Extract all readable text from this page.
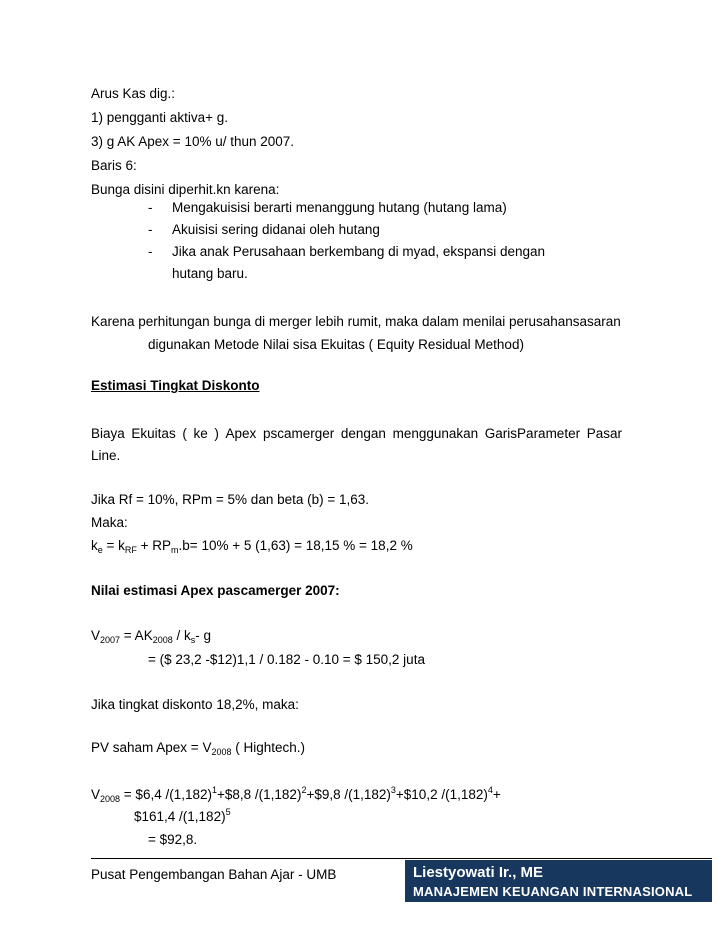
Arus Kas dig.:
1) pengganti aktiva+ g.
3) g AK Apex = 10% u/ thun 2007.
Baris 6:
Bunga disini diperhit.kn karena:
- Mengakuisisi berarti menanggung hutang (hutang lama)
- Akuisisi sering didanai oleh hutang
- Jika anak Perusahaan berkembang di myad, ekspansi dengan
hutang baru.
Karena perhitungan bunga di merger lebih rumit, maka dalam menilai perusahansasaran
digunakan Metode Nilai sisa Ekuitas ( Equity Residual Method)
Estimasi Tingkat Diskonto
Biaya Ekuitas ( ke ) Apex pscamerger dengan menggunakan GarisParameter Pasar
Line.
Jika Rf = 10%, RPm = 5% dan beta (b) = 1,63.
Maka:
$k_e = k_{RF} + RP_m.b= 10\% + 5$ (1,63) = 18,15 % = 18,2 %
Nilai estimasi Apex pascamerger 2007:
$V_{2007} = AK_{2008} / k_s-$ g
= ($ 23,2 -$12)1,1 / 0.182 - 0.10 = $ 150,2 juta
Jika tingkat diskonto 18,2%, maka:
PV saham Apex = $V_{2008}$ ( Hightech.)
$V_{2008}$ = $6,4 $/(1,182)^1+\$8,8$ $/(1,182)^2+\$9,8$ $/(1,182)^3+\$10,2$ $/(1,182)^4+$
$161,4 $/(1,182)^5$
= $92,8.
Pusat Pengembangan Bahan Ajar - UMB	Liestyowati Ir., ME
MANAJEMEN KEUANGAN INTERNASIONAL
